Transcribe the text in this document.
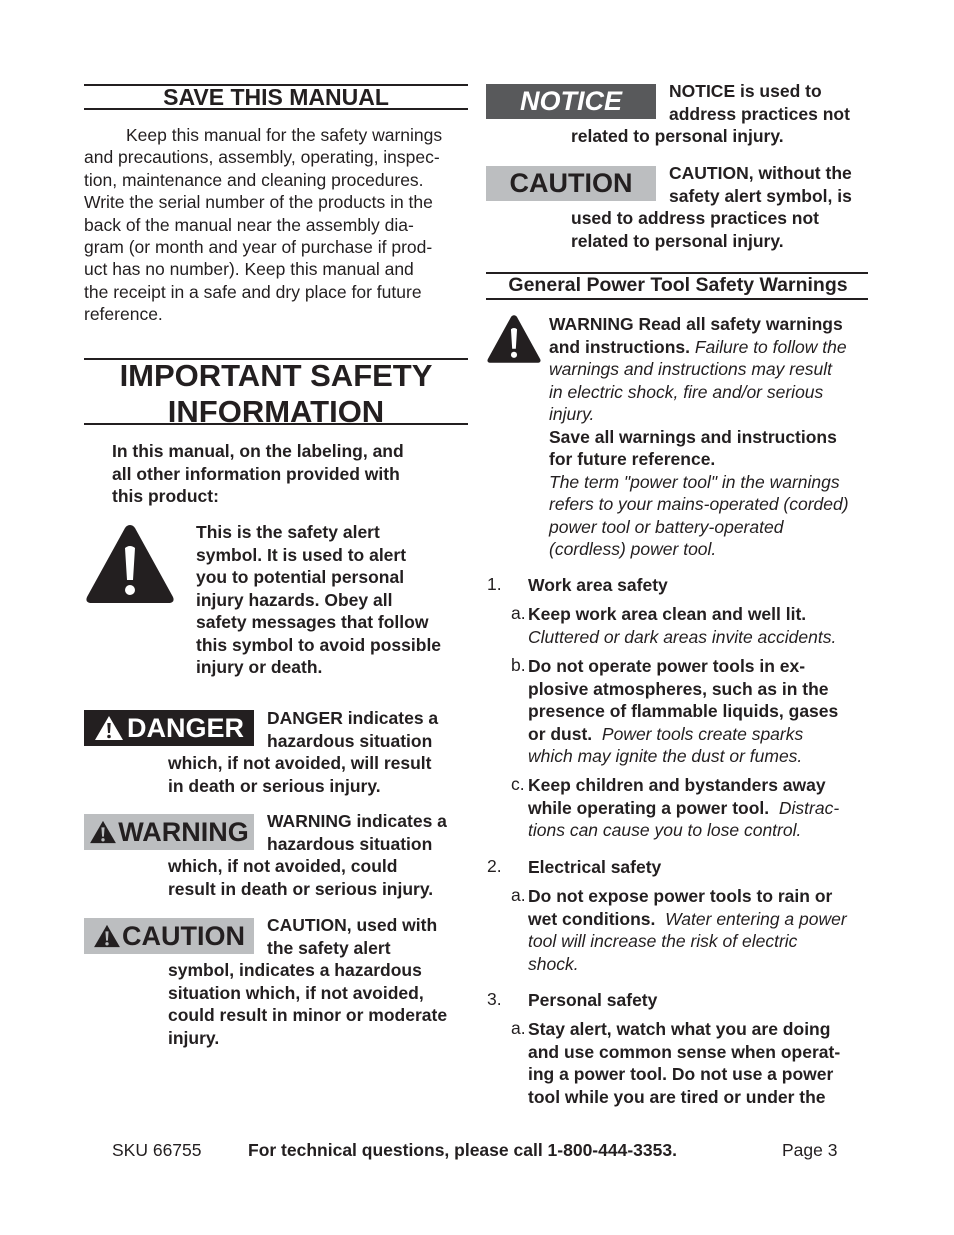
SAVE THIS MANUAL
Keep this manual for the safety warnings
and precautions, assembly, operating, inspec-
tion, maintenance and cleaning procedures.
Write the serial number of the products in the
back of the manual near the assembly dia-
gram (or month and year of purchase if prod-
uct has no number). Keep this manual and
the receipt in a safe and dry place for future
reference.
IMPORTANT SAFETY
INFORMATION
In this manual, on the labeling, and
all other information provided with
this product:
This is the safety alert
symbol. It is used to alert
you to potential personal
injury hazards. Obey all
safety messages that follow
this symbol to avoid possible
injury or death.
DANGER DANGER indicates a
hazardous situation
which, if not avoided, will result
in death or serious injury.
WARNING WARNING indicates a
hazardous situation
which, if not avoided, could
result in death or serious injury.
CAUTION CAUTION, used with
the safety alert
symbol, indicates a hazardous
situation which, if not avoided,
could result in minor or moderate
injury.
NOTICE	NOTICE is used to
address practices not
related to personal injury.
CAUTION CAUTION, without the
safety alert symbol, is
used to address practices not
related to personal injury.
General Power Tool Safety Warnings
WARNING Read all safety warnings
and instructions. Failure to follow the
warnings and instructions may result
in electric shock, fire and/or serious
injury.
Save all warnings and instructions
for future reference.
The term "power tool" in the warnings
refers to your mains-operated (corded)
power tool or battery-operated
(cordless) power tool.
1. Work area safety
a. Keep work area clean and well lit.
Cluttered or dark areas invite accidents.
b. Do not operate power tools in ex-
plosive atmospheres, such as in the
presence of flammable liquids, gases
or dust.  Power tools create sparks
which may ignite the dust or fumes.
c. Keep children and bystanders away
while operating a power tool.  Distrac-
tions can cause you to lose control.
2. Electrical safety
a. Do not expose power tools to rain or
wet conditions.  Water entering a power
tool will increase the risk of electric
shock.
3. Personal safety
a. Stay alert, watch what you are doing
and use common sense when operat-
ing a power tool. Do not use a power
tool while you are tired or under the
SKU 66755	For technical questions, please call 1-800-444-3353.	Page 3
